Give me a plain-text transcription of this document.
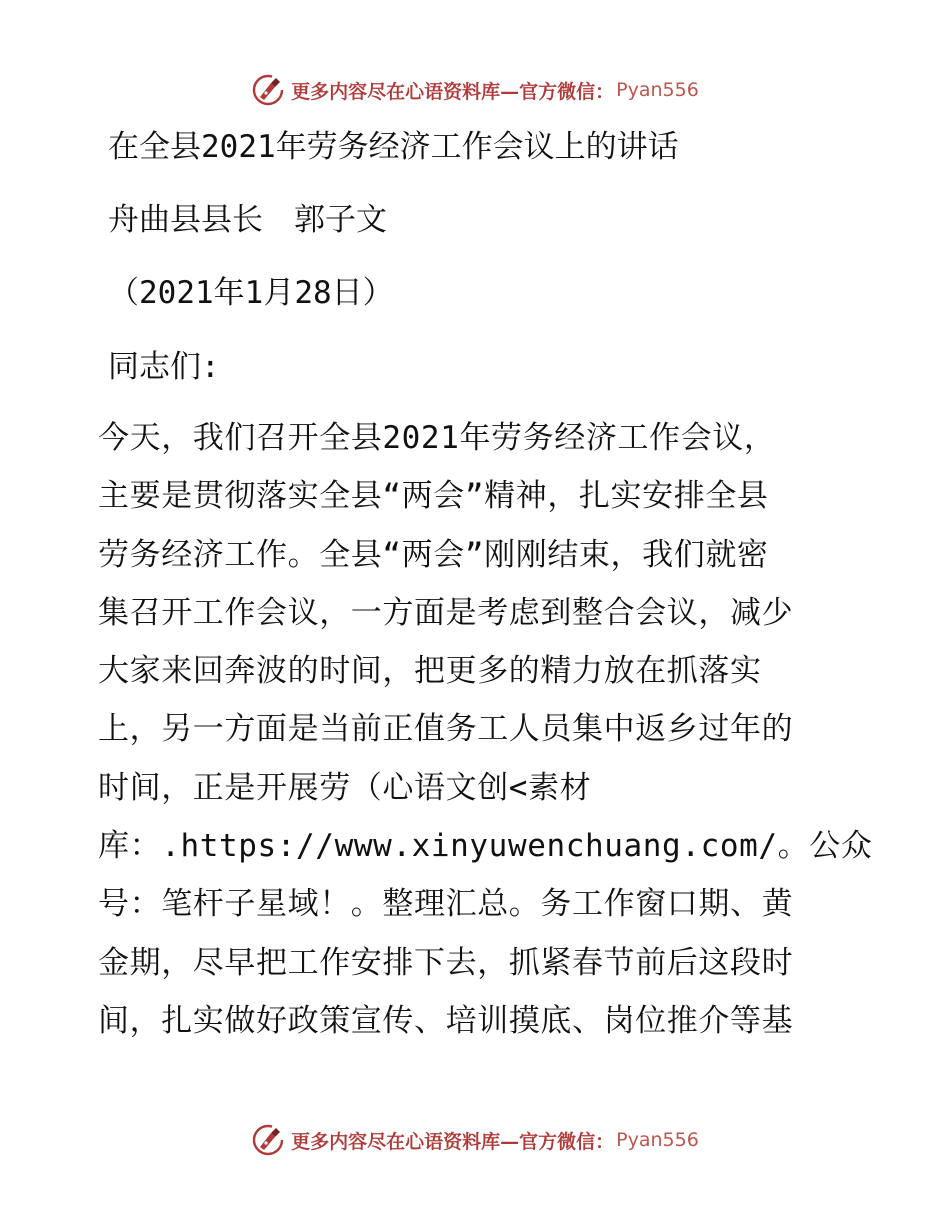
更多内容尽在心语资料库—官方微信： Pyan556
在全县2021年劳务经济工作会议上的讲话
舟曲县县长　郭子文
（2021年1月28日）
同志们:
今天，我们召开全县2021年劳务经济工作会议，
主要是贯彻落实全县“两会”精神，扎实安排全县
劳务经济工作。全县“两会”刚刚结束，我们就密
集召开工作会议，一方面是考虑到整合会议，减少
大家来回奔波的时间，把更多的精力放在抓落实
上，另一方面是当前正值务工人员集中返乡过年的
时间，正是开展劳（心语文创<素材
库：.https://www.xinyuwenchuang.com/。公众
号：笔杆子星域！。整理汇总。务工作窗口期、黄
金期，尽早把工作安排下去，抓紧春节前后这段时
间，扎实做好政策宣传、培训摸底、岗位推介等基
更多内容尽在心语资料库—官方微信： Pyan556
